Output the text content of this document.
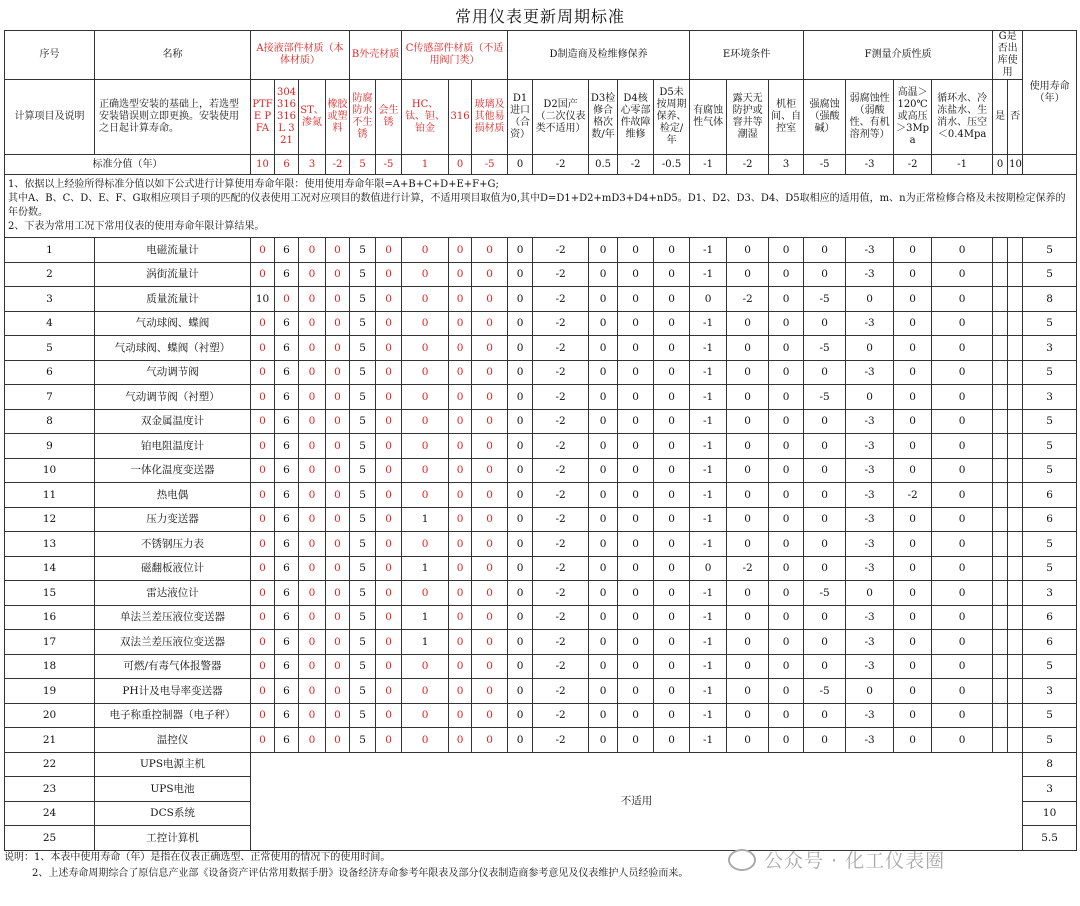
常用仪表更新周期标准
序号	名称	A接液部件材质（本体材质）				B外壳材质		C传感部件材质（不适用阀门类）			D制造商及检维修保养					E环境条件			F测量介质性质				G是否出库使用		使用寿命（年）
计算项目及说明	正确选型安装的基础上，若选型安装错误则立即更换。安装使用之日起计算寿命。	PTFE PFA	304 316 316L 321	ST、渗氮	橡胶或塑料	防腐防水不生锈	会生锈	HC、钛、钽、铂金	316	玻璃及其他易损材质	D1进口（合资）	D2国产（二次仪表类不适用）	D3检修合格次数/年	D4核心零部件故障维修	D5未按周期保养、检定/年	有腐蚀性气体	露天无防护或窨井等潮湿	机柜间、自控室	强腐蚀（强酸碱）	弱腐蚀性（弱酸性、有机溶剂等）	高温＞120℃或高压＞3Mpa	循环水、冷冻盐水、生消水、压空＜0.4Mpa	是	否	
标准分值（年）		10	6	3	-2	5	-5	1	0	-5	0	-2	0.5	-2	-0.5	-1	-2	3	-5	-3	-2	-1	0	10	

1、依据以上经验所得标准分值以如下公式进行计算使用寿命年限：使用使用寿命年限=A+B+C+D+E+F+G;
其中A、B、C、D、E、F、G取相应项目子项的匹配的仪表使用工况对应项目的数值进行计算，不适用项目取值为0,其中D=D1+D2+mD3+D4+nD5。D1、D2、D3、D4、D5取相应的适用值，m、n为正常检修合格及未按期检定保养的年份数。
2、下表为常用工况下常用仪表的使用寿命年限计算结果。																									

1	电磁流量计	0	6	0	0	5	0	0	0	0	0	-2	0	0	0	-1	0	0	0	-3	0	0			5
2	涡街流量计	0	6	0	0	5	0	0	0	0	0	-2	0	0	0	-1	0	0	0	-3	0	0			5
3	质量流量计	10	0	0	0	5	0	0	0	0	0	-2	0	0	0	0	-2	0	-5	0	0	0			8
4	气动球阀、蝶阀	0	6	0	0	5	0	0	0	0	0	-2	0	0	0	-1	0	0	0	-3	0	0			5
5	气动球阀、蝶阀（衬塑）	0	6	0	0	5	0	0	0	0	0	-2	0	0	0	-1	0	0	-5	0	0	0			3
6	气动调节阀	0	6	0	0	5	0	0	0	0	0	-2	0	0	0	-1	0	0	0	-3	0	0			5
7	气动调节阀（衬塑）	0	6	0	0	5	0	0	0	0	0	-2	0	0	0	-1	0	0	-5	0	0	0			3
8	双金属温度计	0	6	0	0	5	0	0	0	0	0	-2	0	0	0	-1	0	0	0	-3	0	0			5
9	铂电阻温度计	0	6	0	0	5	0	0	0	0	0	-2	0	0	0	-1	0	0	0	-3	0	0			5
10	一体化温度变送器	0	6	0	0	5	0	0	0	0	0	-2	0	0	0	-1	0	0	0	-3	0	0			5
11	热电偶	0	6	0	0	5	0	0	0	0	0	-2	0	0	0	-1	0	0	0	-3	-2	0			6
12	压力变送器	0	6	0	0	5	0	1	0	0	0	-2	0	0	0	-1	0	0	0	-3	0	0			6
13	不锈钢压力表	0	6	0	0	5	0	0	0	0	0	-2	0	0	0	-1	0	0	0	-3	0	0			5
14	磁翻板液位计	0	6	0	0	5	0	1	0	0	0	-2	0	0	0	0	-2	0	0	-3	0	0			5
15	雷达液位计	0	6	0	0	5	0	0	0	0	0	-2	0	0	0	-1	0	0	-5	0	0	0			3
16	单法兰差压液位变送器	0	6	0	0	5	0	1	0	0	0	-2	0	0	0	-1	0	0	0	-3	0	0			6
17	双法兰差压液位变送器	0	6	0	0	5	0	1	0	0	0	-2	0	0	0	-1	0	0	0	-3	0	0			6
18	可燃/有毒气体报警器	0	6	0	0	5	0	0	0	0	0	-2	0	0	0	-1	0	0	0	-3	0	0			5
19	PH计及电导率变送器	0	6	0	0	5	0	0	0	0	0	-2	0	0	0	-1	0	0	-5	0	0	0			3
20	电子称重控制器（电子秤）	0	6	0	0	5	0	0	0	0	0	-2	0	0	0	-1	0	0	0	-3	0	0			5
21	温控仪	0	6	0	0	5	0	0	0	0	0	-2	0	0	0	-1	0	0	0	-3	0	0			5
22	UPS电源主机	不适用																							8
23	UPS电池																								3
24	DCS系统																								10
25	工控计算机																								5.5
说明：1、本表中使用寿命（年）是指在仪表正确选型、正常使用的情况下的使用时间。
2、上述寿命周期综合了原信息产业部《设备资产评估常用数据手册》设备经济寿命参考年限表及部分仪表制造商参考意见及仪表维护人员经验而来。
公众号 · 化工仪表圈
